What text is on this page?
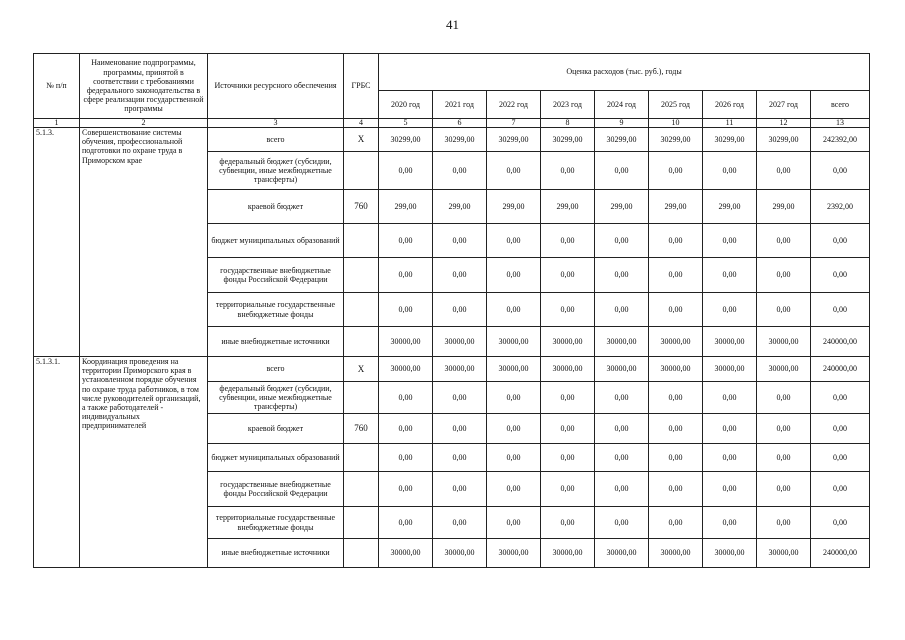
41
№ п/п	Наименование подпрограммы, программы, принятой в соответствии с требованиями федерального законодательства в сфере реализации государственной программы	Источники ресурсного обеспечения	ГРБС	Оценка расходов (тыс. руб.), годы								
				2020 год	2021 год	2022 год	2023 год	2024 год	2025 год	2026 год	2027 год	всего
1	2	3	4	5	6	7	8	9	10	11	12	13
5.1.3.	Совершенствование системы обучения, профессиональной подготовки по охране труда в Приморском крае	всего	X	30299,00	30299,00	30299,00	30299,00	30299,00	30299,00	30299,00	30299,00	242392,00
		федеральный бюджет (субсидии, субвенции, иные межбюджетные трансферты)		0,00	0,00	0,00	0,00	0,00	0,00	0,00	0,00	0,00
		краевой бюджет	760	299,00	299,00	299,00	299,00	299,00	299,00	299,00	299,00	2392,00
		бюджет муниципальных образований		0,00	0,00	0,00	0,00	0,00	0,00	0,00	0,00	0,00
		государственные внебюджетные фонды Российской Федерации		0,00	0,00	0,00	0,00	0,00	0,00	0,00	0,00	0,00
		территориальные государственные внебюджетные фонды		0,00	0,00	0,00	0,00	0,00	0,00	0,00	0,00	0,00
		иные внебюджетные источники		30000,00	30000,00	30000,00	30000,00	30000,00	30000,00	30000,00	30000,00	240000,00
5.1.3.1.	Координация проведения на территории Приморского края в установленном порядке обучения по охране труда работников, в том числе руководителей организаций, а также работодателей - индивидуальных предпринимателей	всего	X	30000,00	30000,00	30000,00	30000,00	30000,00	30000,00	30000,00	30000,00	240000,00
		федеральный бюджет (субсидии, субвенции, иные межбюджетные трансферты)		0,00	0,00	0,00	0,00	0,00	0,00	0,00	0,00	0,00
		краевой бюджет	760	0,00	0,00	0,00	0,00	0,00	0,00	0,00	0,00	0,00
		бюджет муниципальных образований		0,00	0,00	0,00	0,00	0,00	0,00	0,00	0,00	0,00
		государственные внебюджетные фонды Российской Федерации		0,00	0,00	0,00	0,00	0,00	0,00	0,00	0,00	0,00
		территориальные государственные внебюджетные фонды		0,00	0,00	0,00	0,00	0,00	0,00	0,00	0,00	0,00
		иные внебюджетные источники		30000,00	30000,00	30000,00	30000,00	30000,00	30000,00	30000,00	30000,00	240000,00
